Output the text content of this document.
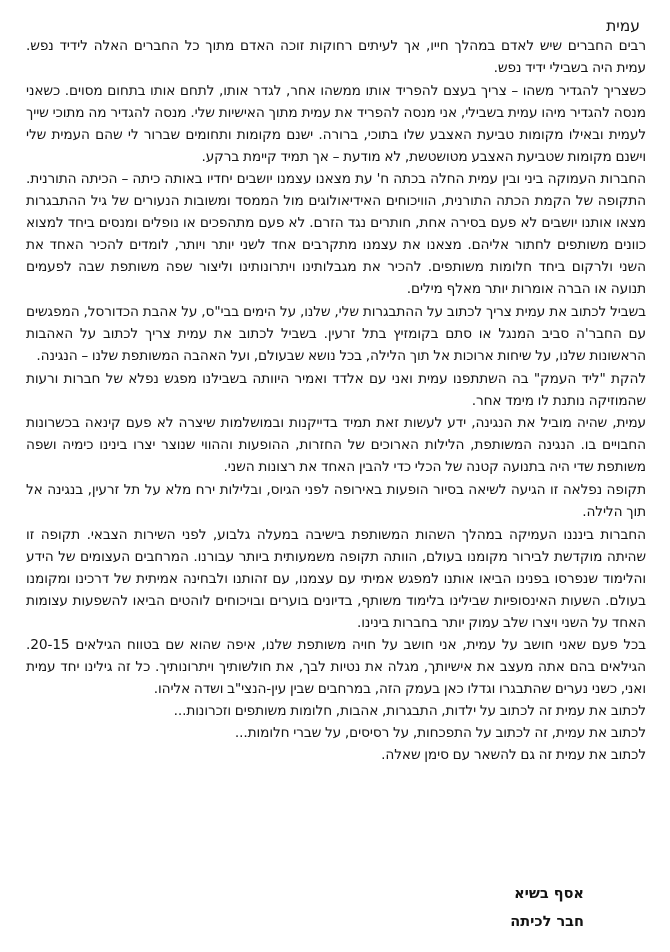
עמית

רבים החברים שיש לאדם במהלך חייו, אך לעיתים רחוקות זוכה האדם מתוך כל החברים האלה לידיד נפש. עמית היה בשבילי ידיד נפש.

כשצריך להגדיר משהו – צריך בעצם להפריד אותו ממשהו אחר, לגדר אותו, לתחם אותו בתחום מסוים. כשאני מנסה להגדיר מיהו עמית בשבילי, אני מנסה להפריד את עמית מתוך האישיות שלי. מנסה להגדיר מה מתוכי שייך לעמית ובאילו מקומות טביעת האצבע שלו בתוכי, ברורה. ישנם מקומות ותחומים שברור לי שהם העמית שלי וישנם מקומות שטביעת האצבע מטושטשת, לא מודעת – אך תמיד קיימת ברקע.

החברות העמוקה ביני ובין עמית החלה בכתה ח' עת מצאנו עצמנו יושבים יחדיו באותה כיתה – הכיתה התורנית. התקופה של הקמת הכתה התורנית, הוויכוחים האידיאולוגים מול הממסד ומשובות הנעורים של גיל ההתבגרות מצאו אותנו יושבים לא פעם בסירה אחת, חותרים נגד הזרם. לא פעם מתהפכים או נופלים ומנסים ביחד למצוא כוונים משותפים לחתור אליהם. מצאנו את עצמנו מתקרבים אחד לשני יותר ויותר, לומדים להכיר האחד את השני ולרקום ביחד חלומות משותפים. להכיר את מגבלותינו ויתרונותינו וליצור שפה משותפת שבה לפעמים תנועה או הברה אומרות יותר מאלף מילים.

בשביל לכתוב את עמית צריך לכתוב על ההתבגרות שלי, שלנו, על הימים בבי"ס, על אהבת הכדורסל, המפגשים עם החבר'ה סביב המנגל או סתם בקומזיץ בתל זרעין. בשביל לכתוב את עמית צריך לכתוב על האהבות הראשונות שלנו, על שיחות ארוכות אל תוך הלילה, בכל נושא שבעולם, ועל האהבה המשותפת שלנו – הנגינה.

להקת "ליד העמק" בה השתתפנו עמית ואני עם אלדד ואמיר היוותה בשבילנו מפגש נפלא של חברות ורעות שהמוזיקה נותנת לו מימד אחר.

עמית, שהיה מוביל את הנגינה, ידע לעשות זאת תמיד בדייקנות ובמושלמות שיצרה לא פעם קינאה בכשרונות החבויים בו. הנגינה המשותפת, הלילות הארוכים של החזרות, ההופעות וההווי שנוצר יצרו בינינו כימיה ושפה משותפת שדי היה בתנועה קטנה של הכלי כדי להבין האחד את רצונות השני.

תקופה נפלאה זו הגיעה לשיאה בסיור הופעות באירופה לפני הגיוס, ובלילות ירח מלא על תל זרעין, בנגינה אל תוך הלילה.

החברות בינננו העמיקה במהלך השהות המשותפת בישיבה במעלה גלבוע, לפני השירות הצבאי. תקופה זו שהיתה מוקדשת לבירור מקומנו בעולם, הוותה תקופה משמעותית ביותר עבורנו. המרחבים העצומים של הידע והלימוד שנפרסו בפנינו הביאו אותנו למפגש אמיתי עם עצמנו, עם זהותנו ולבחינה אמיתית של דרכינו ומקומנו בעולם. השעות האינסופיות שבילינו בלימוד משותף, בדיונים בוערים ובויכוחים לוהטים הביאו להשפעות עצומות האחד על השני ויצרו שלב עמוק יותר בחברות בינינו.

בכל פעם שאני חושב על עמית, אני חושב על חויה משותפת שלנו, איפה שהוא שם בטווח הגילאים 20-15. הגילאים בהם אתה מעצב את אישיותך, מגלה את נטיות לבך, את חולשותיך ויתרונותיך. כל זה גילינו יחד עמית ואני, כשני נערים שהתבגרו וגדלו כאן בעמק הזה, במרחבים שבין עין-הנצי"ב ושדה אליהו.

לכתוב את עמית זה לכתוב על ילדות, התבגרות, אהבות, חלומות משותפים וזכרונות...

לכתוב את עמית, זה לכתוב על התפכחות, על רסיסים, על שברי חלומות...

לכתוב את עמית זה גם להשאר עם סימן שאלה.

אסף בשיא
חבר לכיתה
